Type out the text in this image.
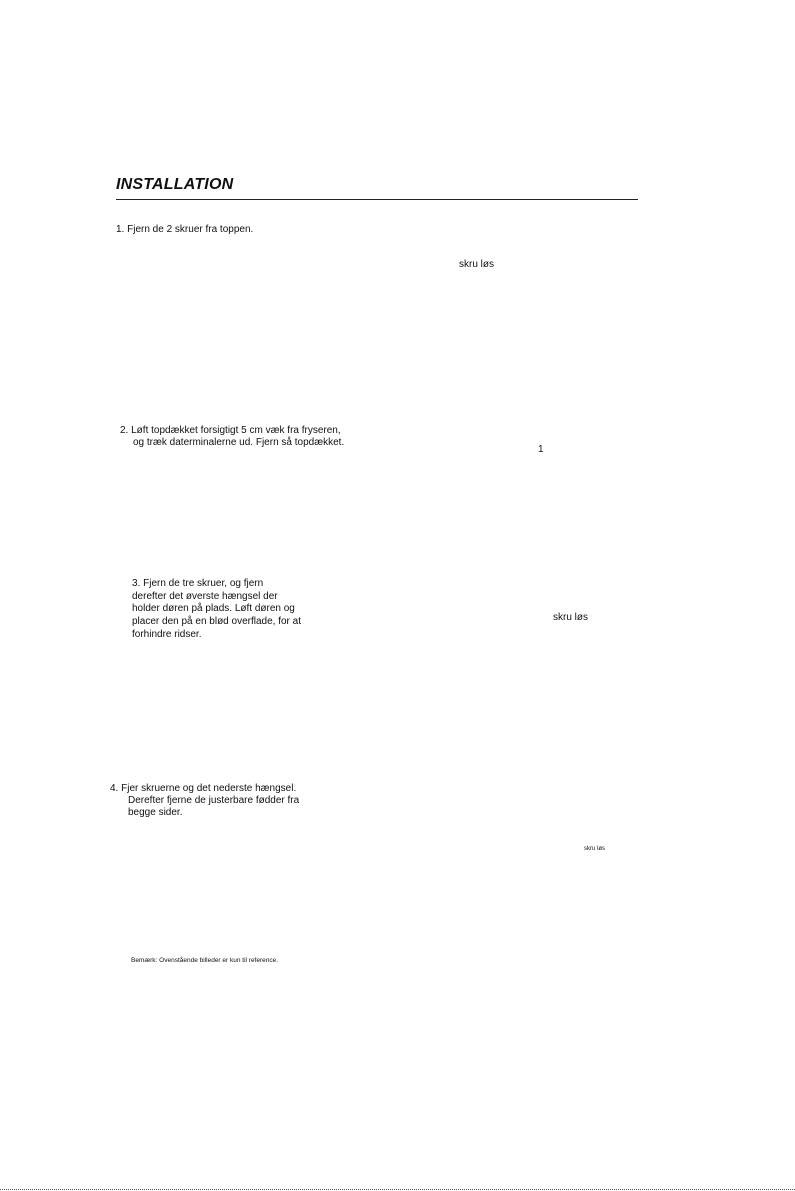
INSTALLATION
1. Fjern de 2 skruer fra toppen.
skru løs
2. Løft topdækket forsigtigt 5 cm væk fra fryseren,
og træk daterminalerne ud. Fjern så topdækket.
1
3. Fjern de tre skruer, og fjern
derefter det øverste hængsel der
holder døren på plads. Løft døren og
placer den på en blød overflade, for at
forhindre ridser.
skru løs
4. Fjer skruerne og det nederste hængsel.
Derefter fjerne de justerbare fødder fra
begge sider.
skru løs
Bemærk: Ovenstående billeder er kun til reference.
